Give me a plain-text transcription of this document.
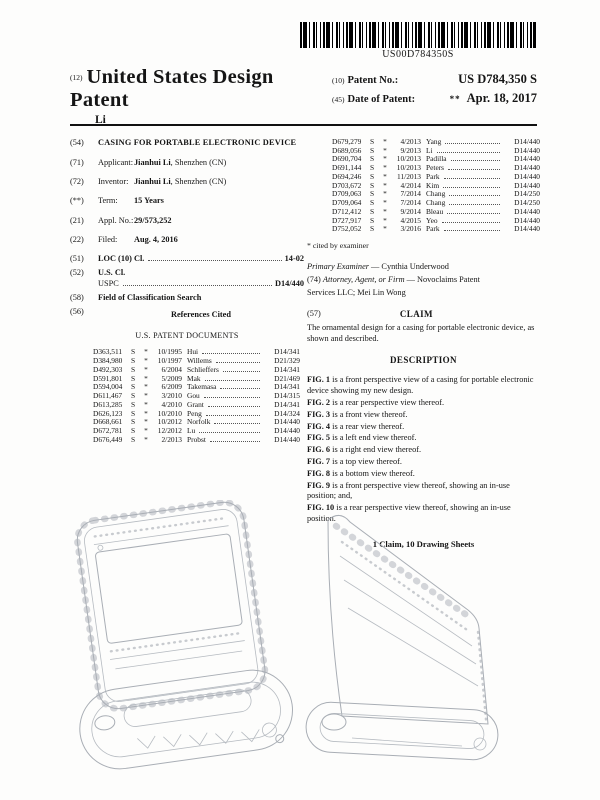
US00D784350S
(12) United States Design Patent
Li
(10) Patent No.:	US D784,350 S
(45) Date of Patent:	** Apr. 18, 2017
(54)	CASING FOR PORTABLE ELECTRONIC DEVICE
(71)	Applicant: Jianhui Li, Shenzhen (CN)
(72)	Inventor: Jianhui Li, Shenzhen (CN)
(**)	Term:	15 Years
(21)	Appl. No.: 29/573,252
(22)	Filed:	Aug. 4, 2016
(51)	LOC (10) Cl.	14-02
(52)	U.S. Cl.
USPC	D14/440
(58)	Field of Classification Search
(56)	References Cited
U.S. PATENT DOCUMENTS
D363,511	S	*	10/1995 Hui	D14/341
D384,980	S	*	10/1997 Willems	D21/329
D492,303	S	*	6/2004 Schlieffers	D14/341
D591,801	S	*	5/2009 Mak	D21/469
D594,004	S	*	6/2009 Takemasa	D14/341
D611,467	S	*	3/2010 Gou	D14/315
D613,285	S	*	4/2010 Grant	D14/341
D626,123	S	*	10/2010 Peng	D14/324
D668,661	S	*	10/2012 Norfolk	D14/440
D672,781	S	*	12/2012 Lu	D14/440
D676,449	S	*	2/2013 Probst	D14/440
D679,279	S	*	4/2013 Yang	D14/440
D689,056	S	*	9/2013 Li	D14/440
D690,704	S	*	10/2013 Padilla	D14/440
D691,144	S	*	10/2013 Peters	D14/440
D694,246	S	*	11/2013 Park	D14/440
D703,672	S	*	4/2014 Kim	D14/440
D709,063	S	*	7/2014 Chang	D14/250
D709,064	S	*	7/2014 Chang	D14/250
D712,412	S	*	9/2014 Bleau	D14/440
D727,917	S	*	4/2015 Yeo	D14/440
D752,052	S	*	3/2016 Park	D14/440
* cited by examiner
Primary Examiner — Cynthia Underwood
(74) Attorney, Agent, or Firm — Novoclaims Patent
Services LLC; Mei Lin Wong
(57)	CLAIM
The ornamental design for a casing for portable electronic device, as shown and described.
DESCRIPTION
FIG. 1 is a front perspective view of a casing for portable electronic device showing my new design.
FIG. 2 is a rear perspective view thereof.
FIG. 3 is a front view thereof.
FIG. 4 is a rear view thereof.
FIG. 5 is a left end view thereof.
FIG. 6 is a right end view thereof.
FIG. 7 is a top view thereof.
FIG. 8 is a bottom view thereof.
FIG. 9 is a front perspective view thereof, showing an in-use position; and,
FIG. 10 is a rear perspective view thereof, showing an in-use position.
1 Claim, 10 Drawing Sheets
